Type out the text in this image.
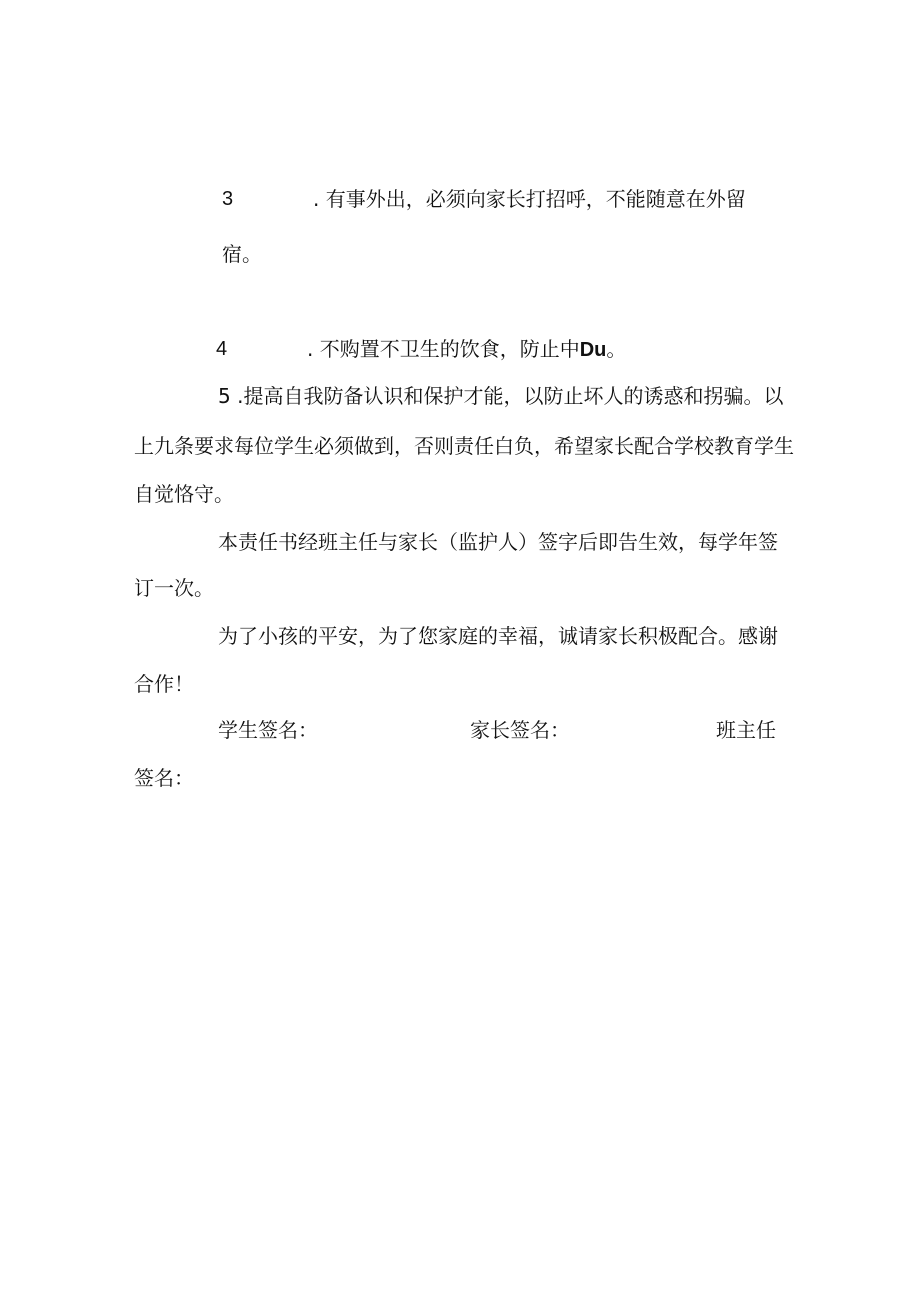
3	. 有事外出，必须向家长打招呼，不能随意在外留
宿。
4	. 不购置不卫生的饮食，防止中Du。
5 .提高自我防备认识和保护才能，以防止坏人的诱惑和拐骗。以
上九条要求每位学生必须做到，否则责任白负，希望家长配合学校教育学生
自觉恪守。
本责任书经班主任与家长（监护人）签字后即告生效，每学年签
订一次。
为了小孩的平安，为了您家庭的幸福，诚请家长积极配合。感谢
合作！
学生签名：	家长签名：	班主任
签名：
